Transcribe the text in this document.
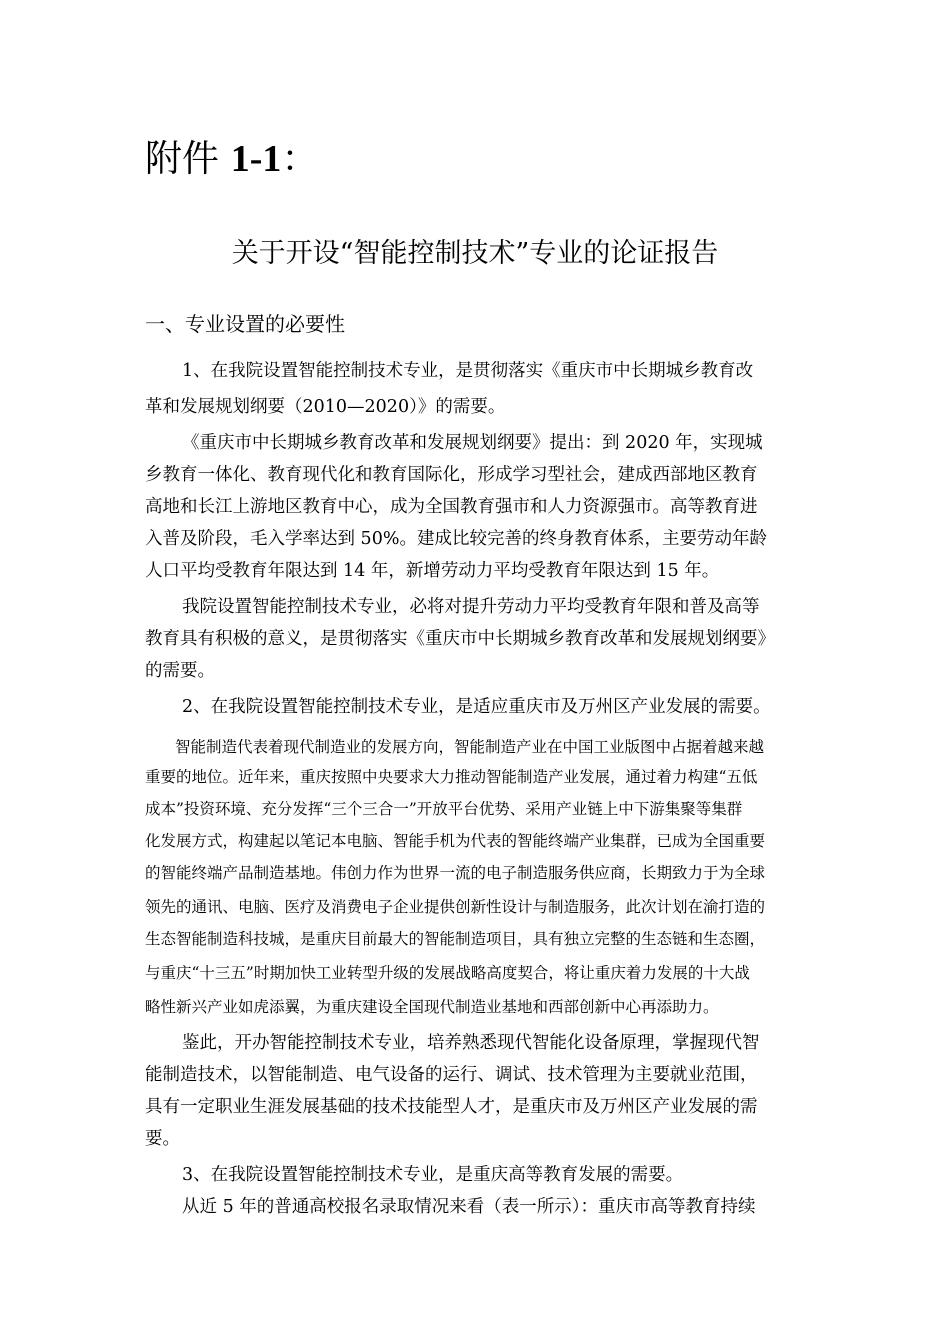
附件 1-1：
关于开设“智能控制技术”专业的论证报告
一、专业设置的必要性
1、在我院设置智能控制技术专业，是贯彻落实《重庆市中长期城乡教育改
革和发展规划纲要（2010—2020）》的需要。
《重庆市中长期城乡教育改革和发展规划纲要》提出：到 2020 年，实现城
乡教育一体化、教育现代化和教育国际化，形成学习型社会，建成西部地区教育
高地和长江上游地区教育中心，成为全国教育强市和人力资源强市。高等教育进
入普及阶段，毛入学率达到 50%。建成比较完善的终身教育体系，主要劳动年龄
人口平均受教育年限达到 14 年，新增劳动力平均受教育年限达到 15 年。
我院设置智能控制技术专业，必将对提升劳动力平均受教育年限和普及高等
教育具有积极的意义，是贯彻落实《重庆市中长期城乡教育改革和发展规划纲要》
的需要。
2、在我院设置智能控制技术专业，是适应重庆市及万州区产业发展的需要。
智能制造代表着现代制造业的发展方向，智能制造产业在中国工业版图中占据着越来越
重要的地位。近年来，重庆按照中央要求大力推动智能制造产业发展，通过着力构建“五低
成本”投资环境、充分发挥“三个三合一”开放平台优势、采用产业链上中下游集聚等集群
化发展方式，构建起以笔记本电脑、智能手机为代表的智能终端产业集群，已成为全国重要
的智能终端产品制造基地。伟创力作为世界一流的电子制造服务供应商，长期致力于为全球
领先的通讯、电脑、医疗及消费电子企业提供创新性设计与制造服务，此次计划在渝打造的
生态智能制造科技城，是重庆目前最大的智能制造项目，具有独立完整的生态链和生态圈，
与重庆“十三五”时期加快工业转型升级的发展战略高度契合，将让重庆着力发展的十大战
略性新兴产业如虎添翼，为重庆建设全国现代制造业基地和西部创新中心再添助力。
鉴此，开办智能控制技术专业，培养熟悉现代智能化设备原理，掌握现代智
能制造技术，以智能制造、电气设备的运行、调试、技术管理为主要就业范围，
具有一定职业生涯发展基础的技术技能型人才，是重庆市及万州区产业发展的需
要。
3、在我院设置智能控制技术专业，是重庆高等教育发展的需要。
从近 5 年的普通高校报名录取情况来看（表一所示）：重庆市高等教育持续
